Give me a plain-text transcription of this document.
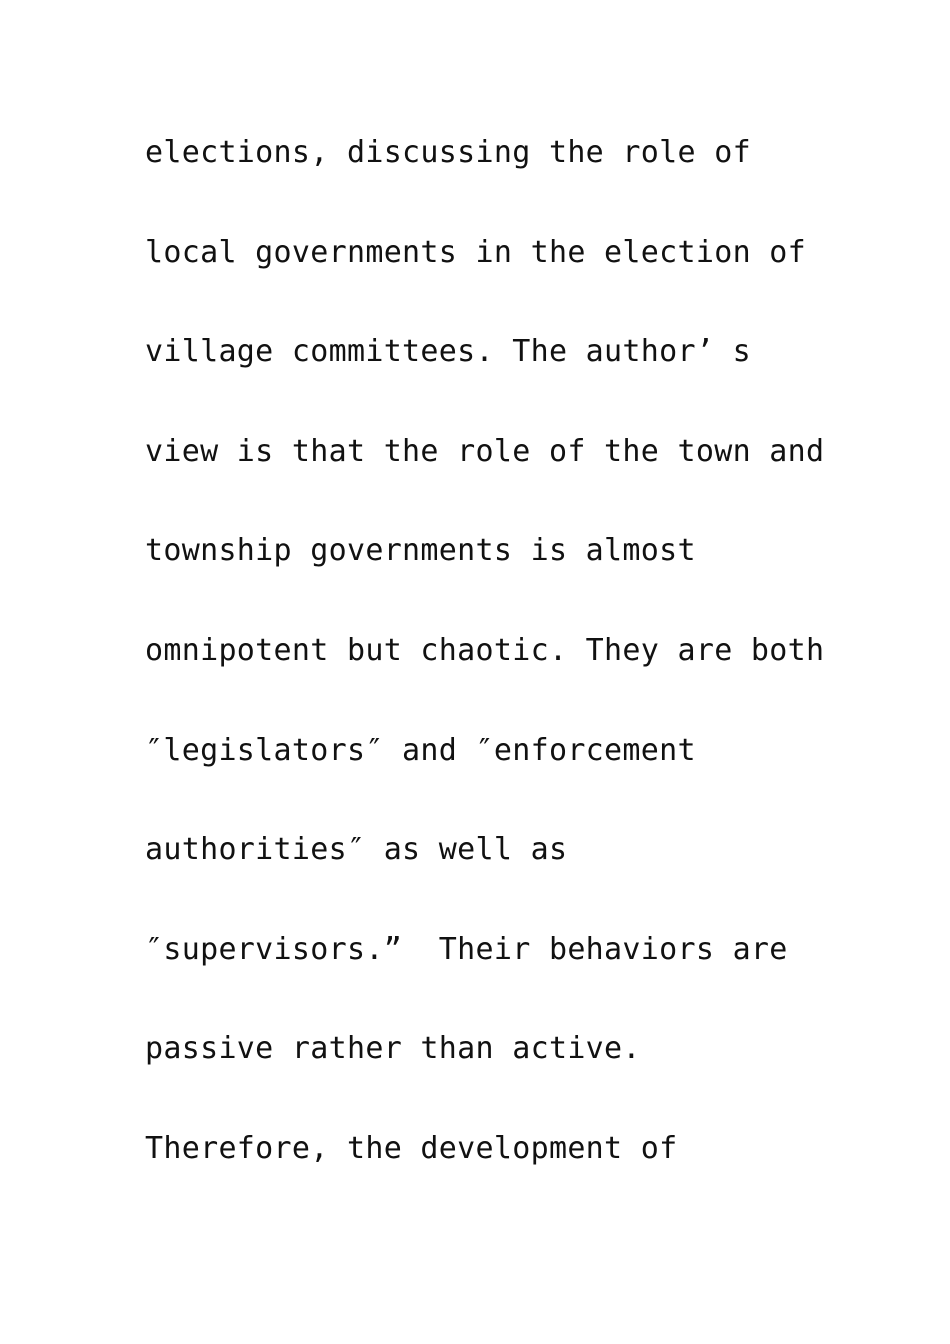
elections, discussing the role of
local governments in the election of
village committees. The author’ s
view is that the role of the town and
township governments is almost
omnipotent but chaotic. They are both
″legislators″ and ″enforcement
authorities″ as well as
″supervisors.”  Their behaviors are
passive rather than active.
Therefore, the development of
